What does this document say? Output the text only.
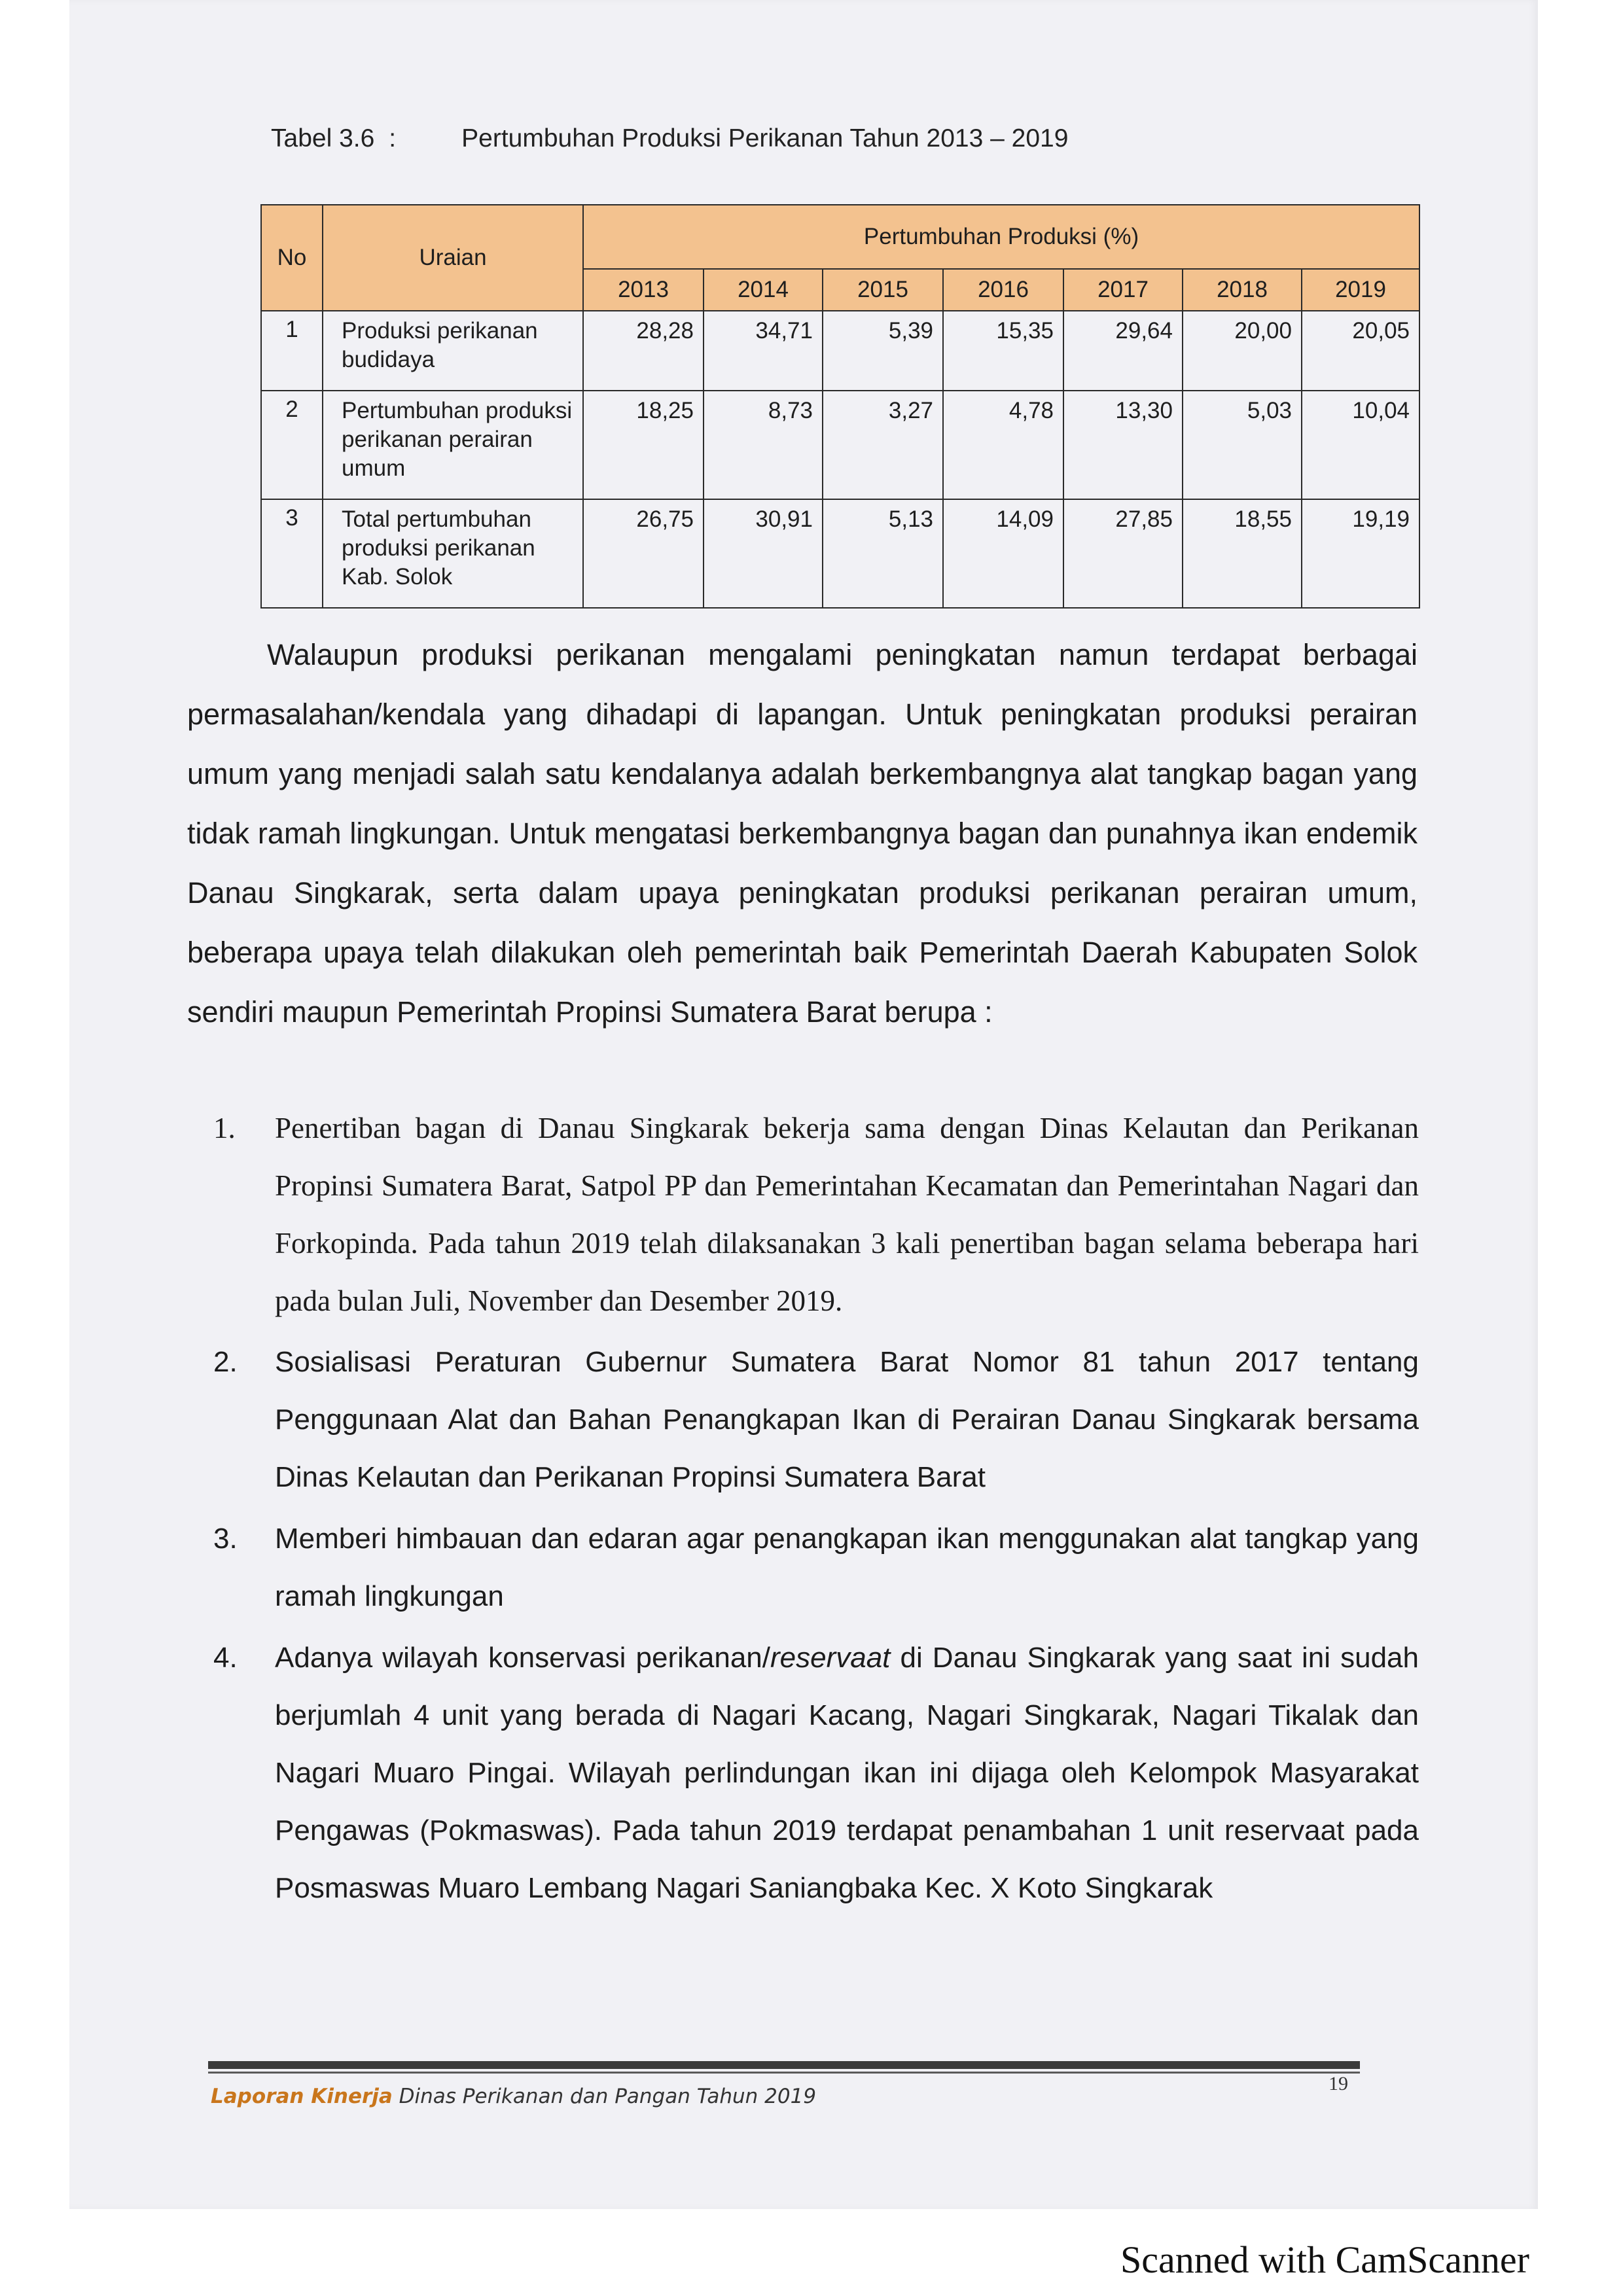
Tabel 3.6 :	Pertumbuhan Produksi Perikanan Tahun 2013 – 2019
No	Uraian	Pertumbuhan Produksi (%)						
		2013	2014	2015	2016	2017	2018	2019
1	Produksi perikanan budidaya	28,28	34,71	5,39	15,35	29,64	20,00	20,05
2	Pertumbuhan produksi perikanan perairan umum	18,25	8,73	3,27	4,78	13,30	5,03	10,04
3	Total pertumbuhan produksi perikanan Kab. Solok	26,75	30,91	5,13	14,09	27,85	18,55	19,19

Walaupun produksi perikanan mengalami peningkatan namun terdapat berbagai permasalahan/kendala yang dihadapi di lapangan. Untuk peningkatan produksi perairan umum yang menjadi salah satu kendalanya adalah berkembangnya alat tangkap bagan yang tidak ramah lingkungan. Untuk mengatasi berkembangnya bagan dan punahnya ikan endemik Danau Singkarak, serta dalam upaya peningkatan produksi perikanan perairan umum, beberapa upaya telah dilakukan oleh pemerintah baik Pemerintah Daerah Kabupaten Solok sendiri maupun Pemerintah Propinsi Sumatera Barat berupa :

1. Penertiban bagan di Danau Singkarak bekerja sama dengan Dinas Kelautan dan Perikanan Propinsi Sumatera Barat, Satpol PP dan Pemerintahan Kecamatan dan Pemerintahan Nagari dan Forkopinda. Pada tahun 2019 telah dilaksanakan 3 kali penertiban bagan selama beberapa hari pada bulan Juli, November dan Desember 2019.
2. Sosialisasi Peraturan Gubernur Sumatera Barat Nomor 81 tahun 2017 tentang Penggunaan Alat dan Bahan Penangkapan Ikan di Perairan Danau Singkarak bersama Dinas Kelautan dan Perikanan Propinsi Sumatera Barat
3. Memberi himbauan dan edaran agar penangkapan ikan menggunakan alat tangkap yang ramah lingkungan
4. Adanya wilayah konservasi perikanan/reservaat di Danau Singkarak yang saat ini sudah berjumlah 4 unit yang berada di Nagari Kacang, Nagari Singkarak, Nagari Tikalak dan Nagari Muaro Pingai. Wilayah perlindungan ikan ini dijaga oleh Kelompok Masyarakat Pengawas (Pokmaswas). Pada tahun 2019 terdapat penambahan 1 unit reservaat pada Posmaswas Muaro Lembang Nagari Saniangbaka Kec. X Koto Singkarak
Laporan Kinerja Dinas Perikanan dan Pangan Tahun 2019
19
Scanned with CamScanner
